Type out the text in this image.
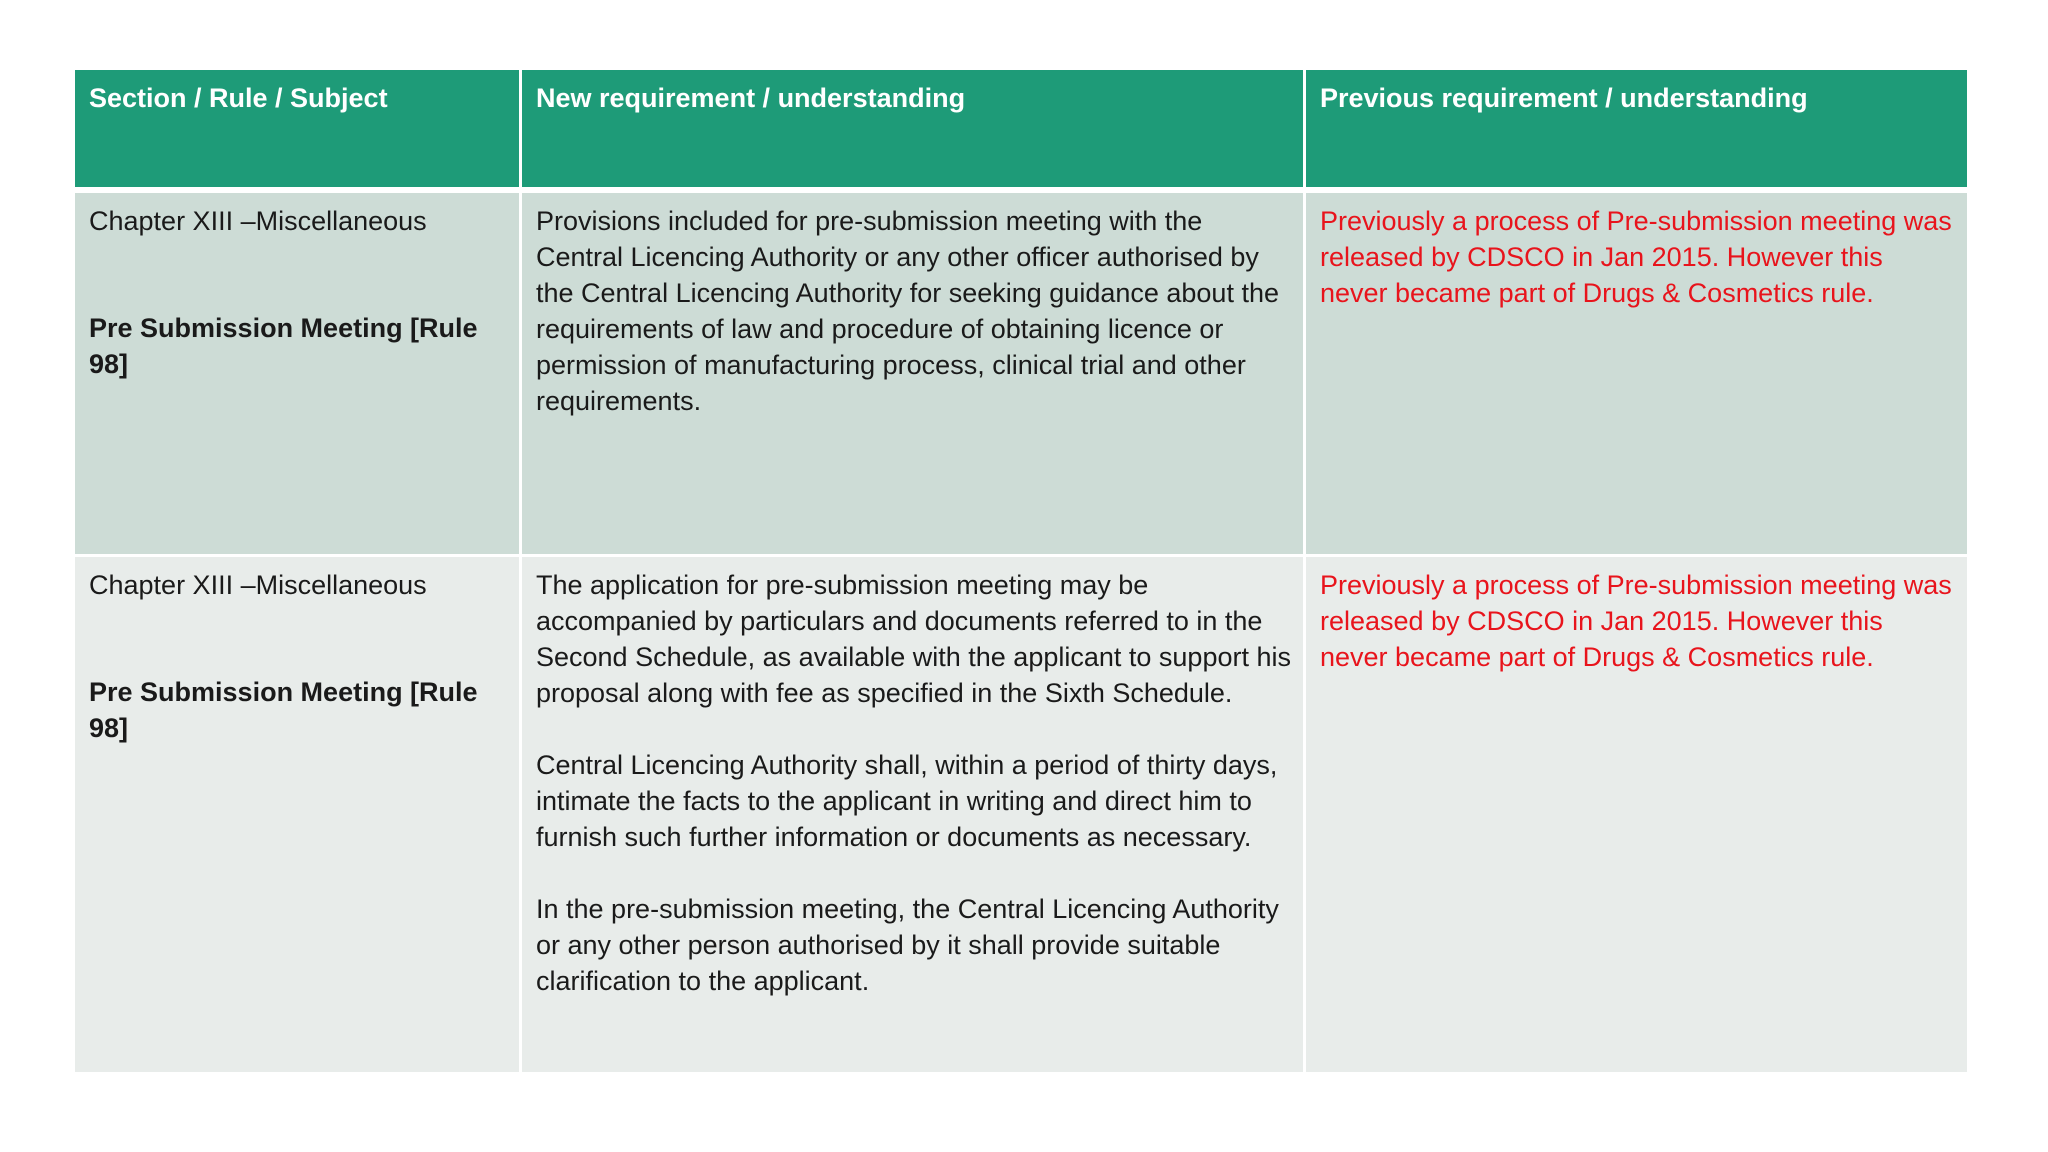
Section / Rule / Subject	New requirement / understanding	Previous requirement / understanding

Chapter XIII –Miscellaneous
Pre Submission Meeting [Rule 98]	Provisions included for pre-submission meeting with the Central Licencing Authority or any other officer authorised by the Central Licencing Authority for seeking guidance about the requirements of law and procedure of obtaining licence or permission of manufacturing process, clinical trial and other requirements.	Previously a process of Pre-submission meeting was released by CDSCO in Jan 2015. However this never became part of Drugs & Cosmetics rule.

Chapter XIII –Miscellaneous
Pre Submission Meeting [Rule 98]	The application for pre-submission meeting may be accompanied by particulars and documents referred to in the Second Schedule, as available with the applicant to support his proposal along with fee as specified in the Sixth Schedule.
Central Licencing Authority shall, within a period of thirty days, intimate the facts to the applicant in writing and direct him to furnish such further information or documents as necessary.
In the pre-submission meeting, the Central Licencing Authority or any other person authorised by it shall provide suitable clarification to the applicant.	Previously a process of Pre-submission meeting was released by CDSCO in Jan 2015. However this never became part of Drugs & Cosmetics rule.
